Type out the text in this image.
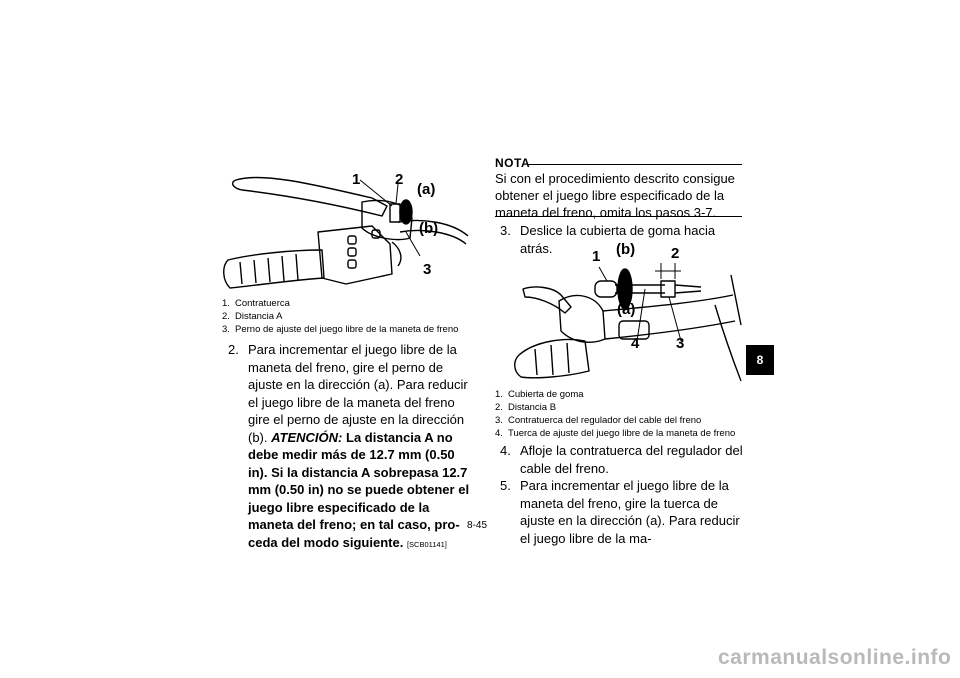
1 2
(a)
(b)
3
1. Contratuerca
2. Distancia A
3. Perno de ajuste del juego libre de la maneta de freno
2. Para incrementar el juego libre de la maneta del freno, gire el perno de ajuste en la dirección (a). Para reducir el juego libre de la maneta del freno gire el perno de ajuste en la dirección (b). ATENCIÓN: La distancia A no debe medir más de 12.7 mm (0.50 in). Si la distancia A sobrepasa 12.7 mm (0.50 in) no se puede obtener el juego libre especificado de la maneta del freno; en tal caso, proceda del modo siguiente. [SCB01141]
NOTA
Si con el procedimiento descrito consigue obtener el juego libre especificado de la maneta del freno, omita los pasos 3-7.
3. Deslice la cubierta de goma hacia atrás.	1 (b) 2
(a)
4 3
1. Cubierta de goma
2. Distancia B
3. Contratuerca del regulador del cable del freno
4. Tuerca de ajuste del juego libre de la maneta de freno
4. Afloje la contratuerca del regulador del cable del freno.
5. Para incrementar el juego libre de la maneta del freno, gire la tuerca de ajuste en la dirección (a). Para reducir el juego libre de la ma-
8
8-45
carmanualsonline.info
